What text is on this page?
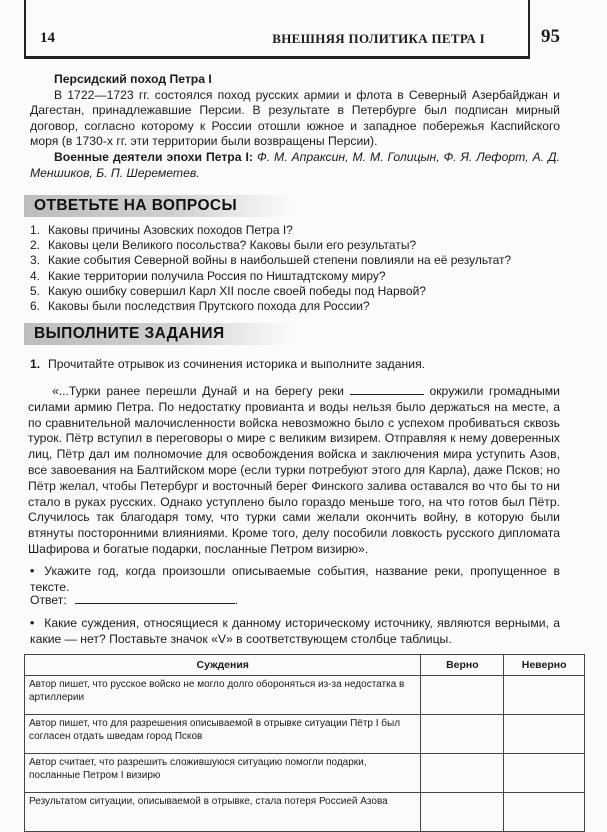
14	ВНЕШНЯЯ ПОЛИТИКА ПЕТРА I	95
Персидский поход Петра I
В 1722—1723 гг. состоялся поход русских армии и флота в Северный Азербайджан и Дагестан, принадлежавшие Персии. В результате в Петербурге был подписан мирный договор, согласно которому к России отошли южное и западное побережья Каспийского моря (в 1730-х гг. эти территории были возвращены Персии).
Военные деятели эпохи Петра I: Ф. М. Апраксин, М. М. Голицын, Ф. Я. Лефорт, А. Д. Меншиков, Б. П. Шереметев.
ОТВЕТЬТЕ НА ВОПРОСЫ
1. Каковы причины Азовских походов Петра I?
2. Каковы цели Великого посольства? Каковы были его результаты?
3. Какие события Северной войны в наибольшей степени повлияли на её результат?
4. Какие территории получила Россия по Ништадтскому миру?
5. Какую ошибку совершил Карл XII после своей победы под Нарвой?
6. Каковы были последствия Прутского похода для России?
ВЫПОЛНИТЕ ЗАДАНИЯ
1. Прочитайте отрывок из сочинения историка и выполните задания.
«...Турки ранее перешли Дунай и на берегу реки	окружили громадными силами армию Петра. По недостатку провианта и воды нельзя было держаться на месте, а по сравнительной малочисленности войска невозможно было с успехом пробиваться сквозь турок. Пётр вступил в переговоры о мире с великим визирем. Отправляя к нему доверенных лиц, Пётр дал им полномочие для освобождения войска и заключения мира уступить Азов, все завоевания на Балтийском море (если турки потребуют этого для Карла), даже Псков; но Пётр желал, чтобы Петербург и восточный берег Финского залива оставался во что бы то ни стало в руках русских. Однако уступлено было гораздо меньше того, на что готов был Пётр. Случилось так благодаря тому, что турки сами желали окончить войну, в которую были втянуты посторонними влияниями. Кроме того, делу пособили ловкость русского дипломата Шафирова и богатые подарки, посланные Петром визирю».
• Укажите год, когда произошли описываемые события, название реки, пропущенное в тексте.
Ответ:	.
• Какие суждения, относящиеся к данному историческому источнику, являются верными, а какие — нет? Поставьте значок «V» в соответствующем столбце таблицы.
Суждения	Верно	Неверно
Автор пишет, что русское войско не могло долго обороняться из-за недостатка в артиллерии		
Автор пишет, что для разрешения описываемой в отрывке ситуации Пётр I был согласен отдать шведам город Псков		
Автор считает, что разрешить сложившуюся ситуацию помогли подарки, посланные Петром I визирю		
Результатом ситуации, описываемой в отрывке, стала потеря Россией Азова		
